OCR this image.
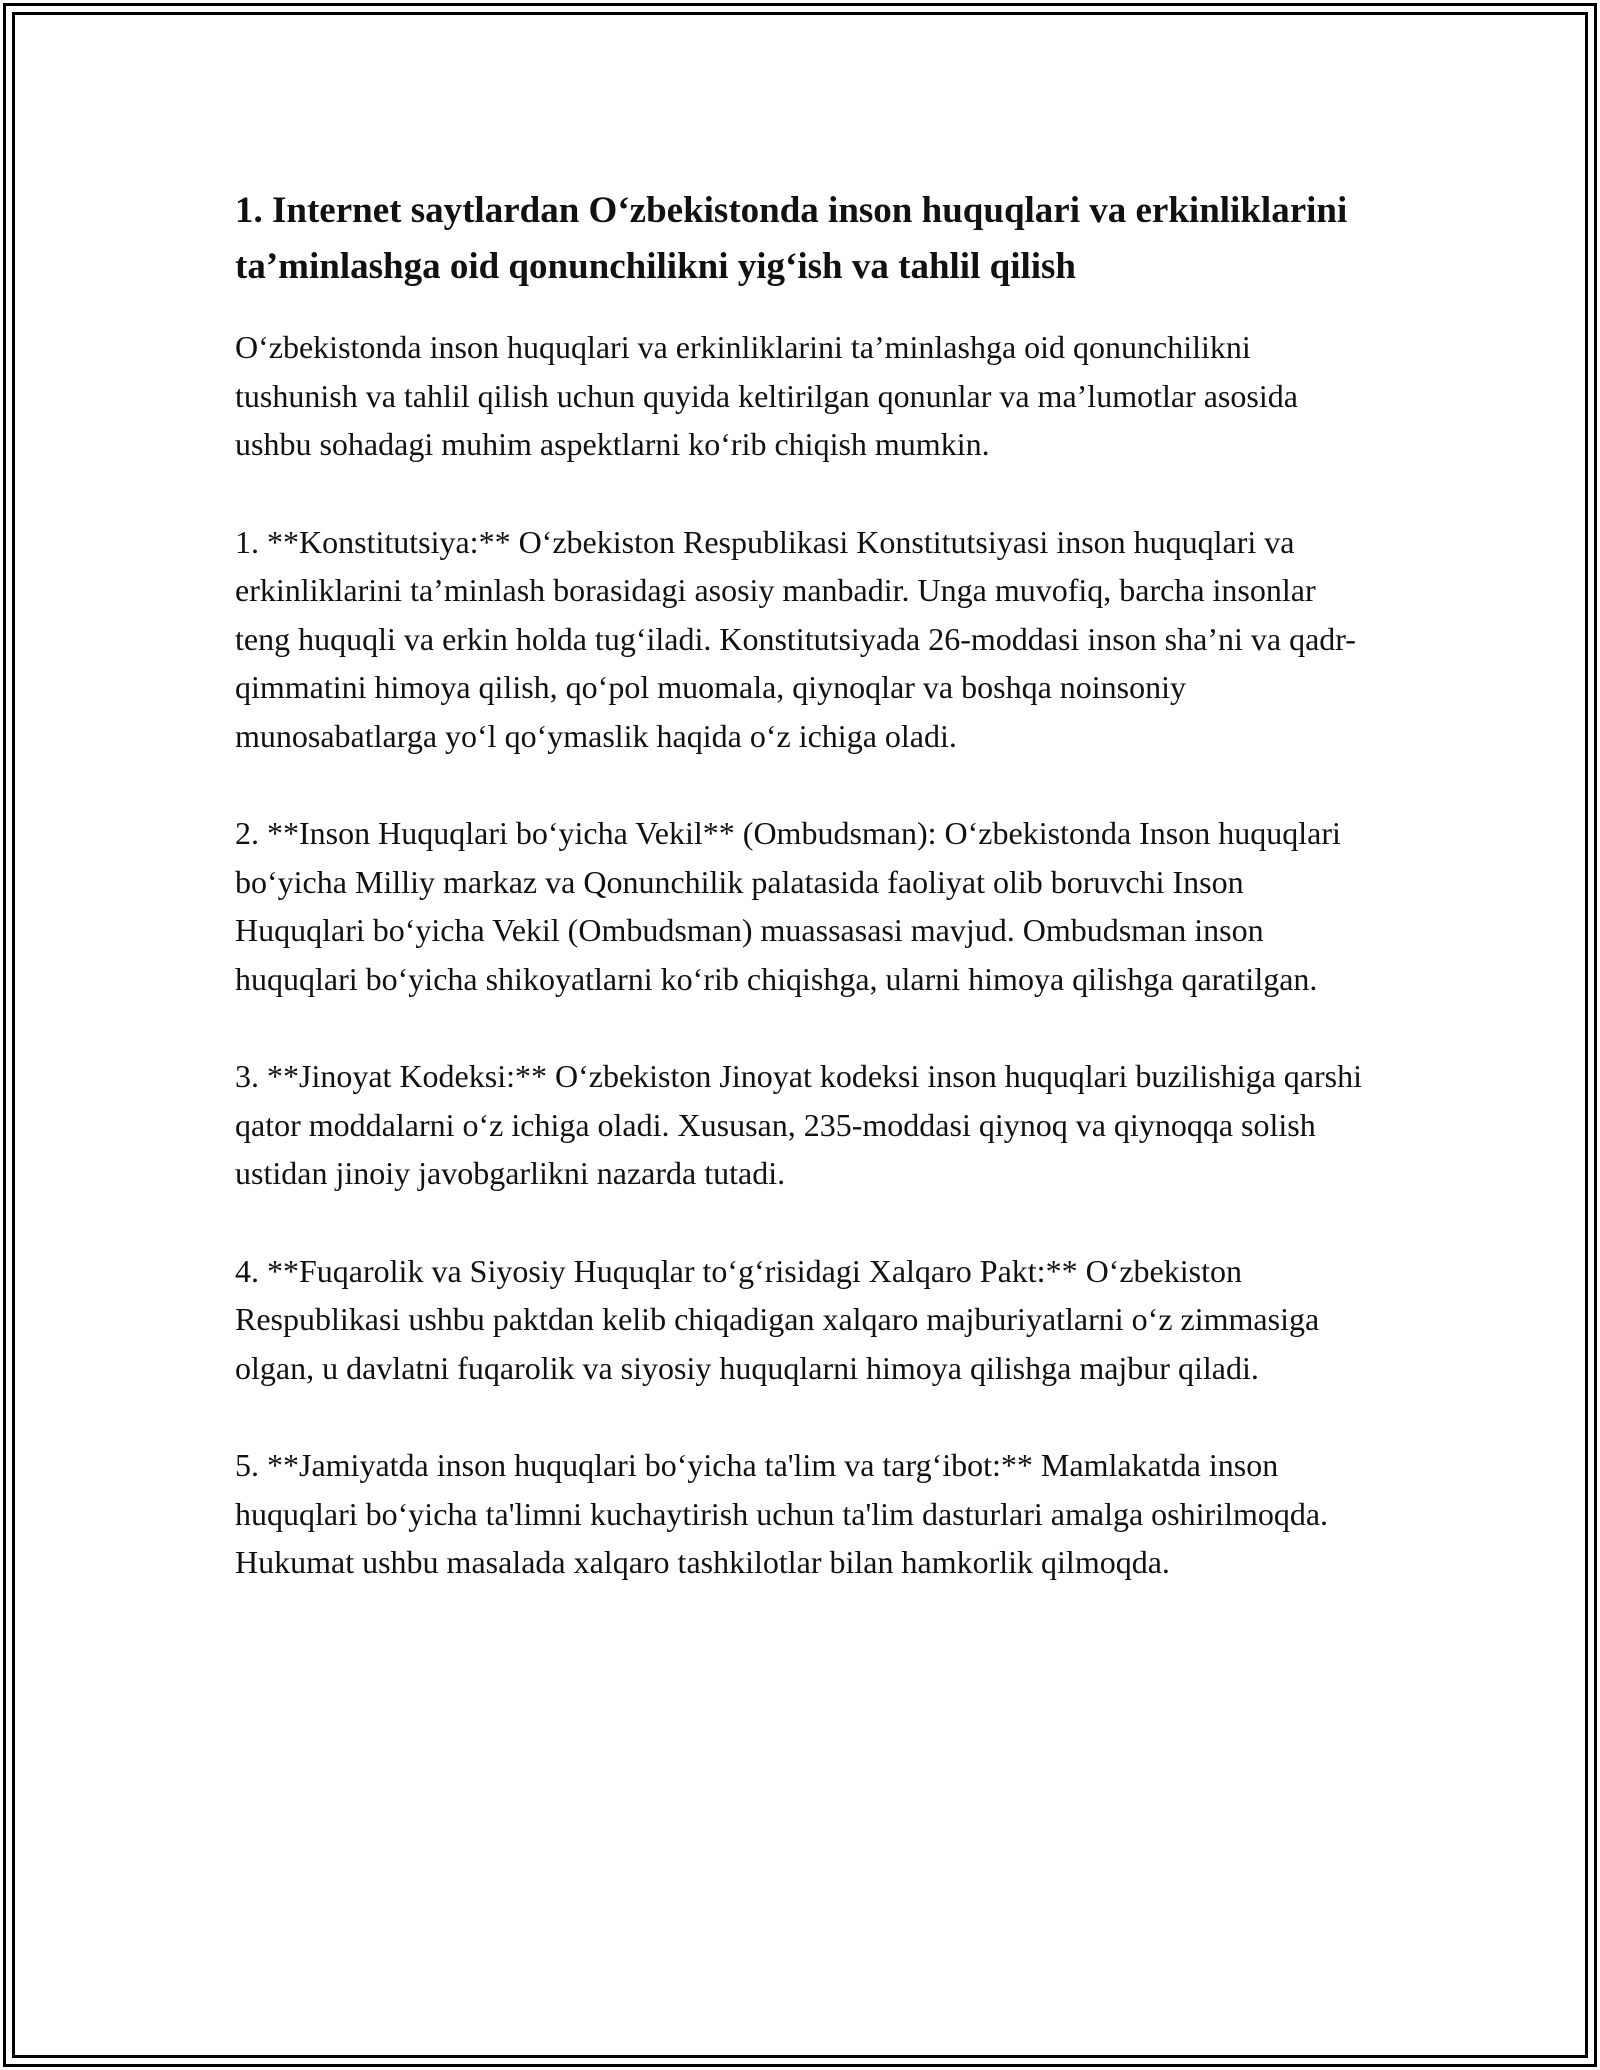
1. Internet saytlardan O‘zbekistonda inson huquqlari va erkinliklarini ta’minlashga oid qonunchilikni yig‘ish va tahlil qilish

O‘zbekistonda inson huquqlari va erkinliklarini ta’minlashga oid qonunchilikni tushunish va tahlil qilish uchun quyida keltirilgan qonunlar va ma’lumotlar asosida ushbu sohadagi muhim aspektlarni ko‘rib chiqish mumkin.

1. **Konstitutsiya:** O‘zbekiston Respublikasi Konstitutsiyasi inson huquqlari va erkinliklarini ta’minlash borasidagi asosiy manbadir. Unga muvofiq, barcha insonlar teng huquqli va erkin holda tug‘iladi. Konstitutsiyada 26-moddasi inson sha’ni va qadr-qimmatini himoya qilish, qo‘pol muomala, qiynoqlar va boshqa noinsoniy munosabatlarga yo‘l qo‘ymaslik haqida o‘z ichiga oladi.

2. **Inson Huquqlari bo‘yicha Vekil** (Ombudsman): O‘zbekistonda Inson huquqlari bo‘yicha Milliy markaz va Qonunchilik palatasida faoliyat olib boruvchi Inson Huquqlari bo‘yicha Vekil (Ombudsman) muassasasi mavjud. Ombudsman inson huquqlari bo‘yicha shikoyatlarni ko‘rib chiqishga, ularni himoya qilishga qaratilgan.

3. **Jinoyat Kodeksi:** O‘zbekiston Jinoyat kodeksi inson huquqlari buzilishiga qarshi qator moddalarni o‘z ichiga oladi. Xususan, 235-moddasi qiynoq va qiynoqqa solish ustidan jinoiy javobgarlikni nazarda tutadi.

4. **Fuqarolik va Siyosiy Huquqlar to‘g‘risidagi Xalqaro Pakt:** O‘zbekiston Respublikasi ushbu paktdan kelib chiqadigan xalqaro majburiyatlarni o‘z zimmasiga olgan, u davlatni fuqarolik va siyosiy huquqlarni himoya qilishga majbur qiladi.

5. **Jamiyatda inson huquqlari bo‘yicha ta'lim va targ‘ibot:** Mamlakatda inson huquqlari bo‘yicha ta'limni kuchaytirish uchun ta'lim dasturlari amalga oshirilmoqda. Hukumat ushbu masalada xalqaro tashkilotlar bilan hamkorlik qilmoqda.
